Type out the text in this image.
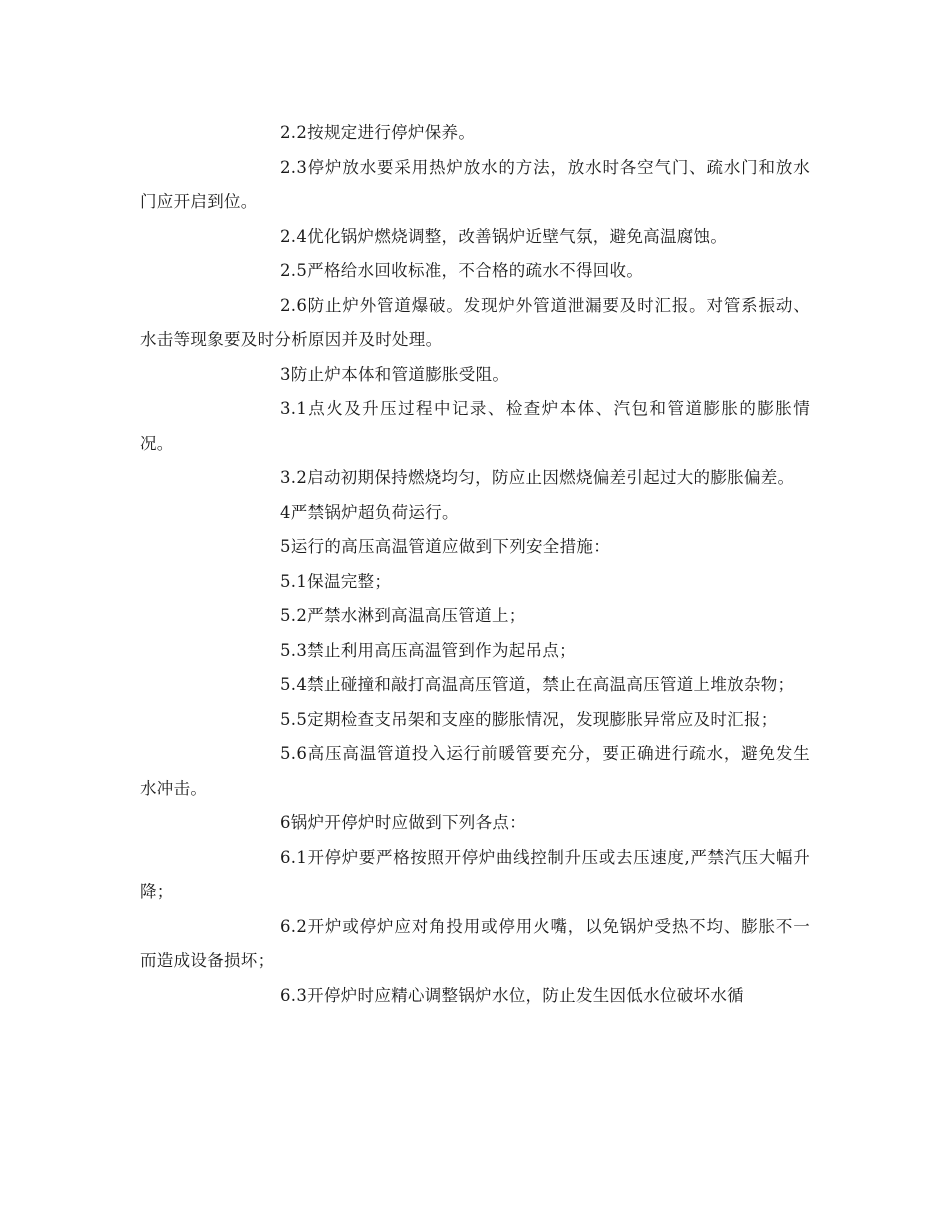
2.2按规定进行停炉保养。

2.3停炉放水要采用热炉放水的方法，放水时各空气门、疏水门和放水门应开启到位。

2.4优化锅炉燃烧调整，改善锅炉近壁气氛，避免高温腐蚀。

2.5严格给水回收标准，不合格的疏水不得回收。

2.6防止炉外管道爆破。发现炉外管道泄漏要及时汇报。对管系振动、水击等现象要及时分析原因并及时处理。

3防止炉本体和管道膨胀受阻。

3.1点火及升压过程中记录、检查炉本体、汽包和管道膨胀的膨胀情况。

3.2启动初期保持燃烧均匀，防应止因燃烧偏差引起过大的膨胀偏差。

4严禁锅炉超负荷运行。

5运行的高压高温管道应做到下列安全措施：

5.1保温完整；

5.2严禁水淋到高温高压管道上；

5.3禁止利用高压高温管到作为起吊点；

5.4禁止碰撞和敲打高温高压管道，禁止在高温高压管道上堆放杂物；

5.5定期检查支吊架和支座的膨胀情况，发现膨胀异常应及时汇报；

5.6高压高温管道投入运行前暖管要充分，要正确进行疏水，避免发生水冲击。

6锅炉开停炉时应做到下列各点：

6.1开停炉要严格按照开停炉曲线控制升压或去压速度,严禁汽压大幅升降；

6.2开炉或停炉应对角投用或停用火嘴，以免锅炉受热不均、膨胀不一而造成设备损坏；

6.3开停炉时应精心调整锅炉水位，防止发生因低水位破坏水循
